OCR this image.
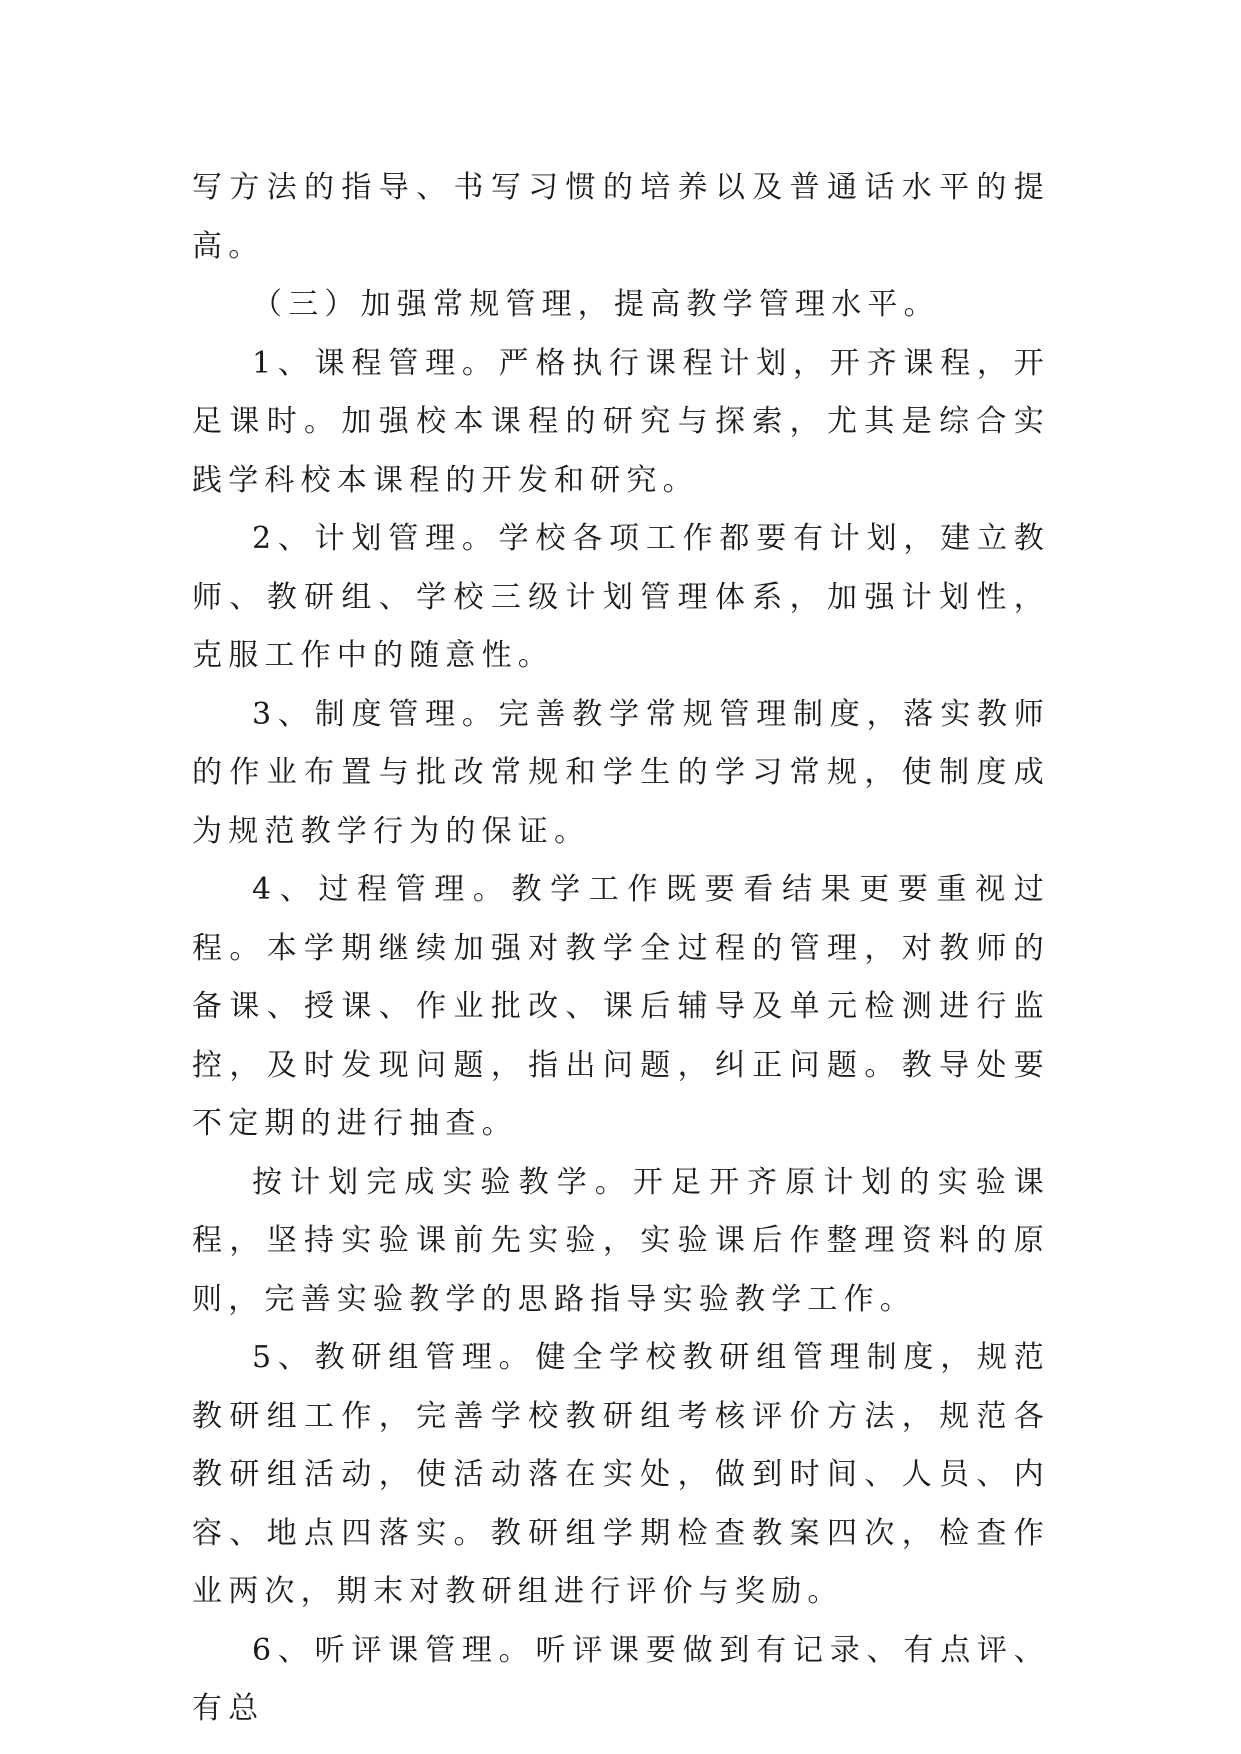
写方法的指导、书写习惯的培养以及普通话水平的提高。

（三）加强常规管理，提高教学管理水平。

1、课程管理。严格执行课程计划，开齐课程，开足课时。加强校本课程的研究与探索，尤其是综合实践学科校本课程的开发和研究。

2、计划管理。学校各项工作都要有计划，建立教师、教研组、学校三级计划管理体系，加强计划性，克服工作中的随意性。

3、制度管理。完善教学常规管理制度，落实教师的作业布置与批改常规和学生的学习常规，使制度成为规范教学行为的保证。

4、过程管理。教学工作既要看结果更要重视过程。本学期继续加强对教学全过程的管理，对教师的备课、授课、作业批改、课后辅导及单元检测进行监控，及时发现问题，指出问题，纠正问题。教导处要不定期的进行抽查。

按计划完成实验教学。开足开齐原计划的实验课程，坚持实验课前先实验，实验课后作整理资料的原则，完善实验教学的思路指导实验教学工作。

5、教研组管理。健全学校教研组管理制度，规范教研组工作，完善学校教研组考核评价方法，规范各教研组活动，使活动落在实处，做到时间、人员、内容、地点四落实。教研组学期检查教案四次，检查作业两次，期末对教研组进行评价与奖励。

6、听评课管理。听评课要做到有记录、有点评、有总
